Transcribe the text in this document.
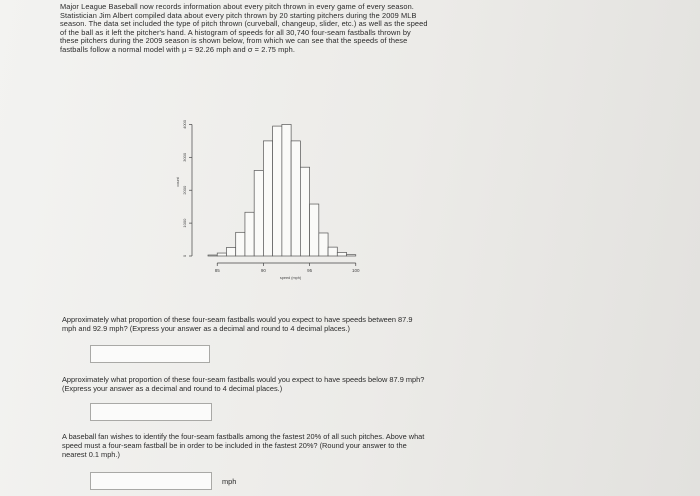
Major League Baseball now records information about every pitch thrown in every game of every season.
Statistician Jim Albert compiled data about every pitch thrown by 20 starting pitchers during the 2009 MLB
season. The data set included the type of pitch thrown (curveball, changeup, slider, etc.) as well as the speed
of the ball as it left the pitcher's hand. A histogram of speeds for all 30,740 four-seam fastballs thrown by
these pitchers during the 2009 season is shown below, from which we can see that the speeds of these
fastballs follow a normal model with μ = 92.26 mph and σ = 2.75 mph.
85	90	95	100
speed (mph)
0
1000
2000
3000
4000
count
Approximately what proportion of these four-seam fastballs would you expect to have speeds between 87.9
mph and 92.9 mph? (Express your answer as a decimal and round to 4 decimal places.)
Approximately what proportion of these four-seam fastballs would you expect to have speeds below 87.9 mph?
(Express your answer as a decimal and round to 4 decimal places.)
A baseball fan wishes to identify the four-seam fastballs among the fastest 20% of all such pitches. Above what
speed must a four-seam fastball be in order to be included in the fastest 20%? (Round your answer to the
nearest 0.1 mph.)
mph
